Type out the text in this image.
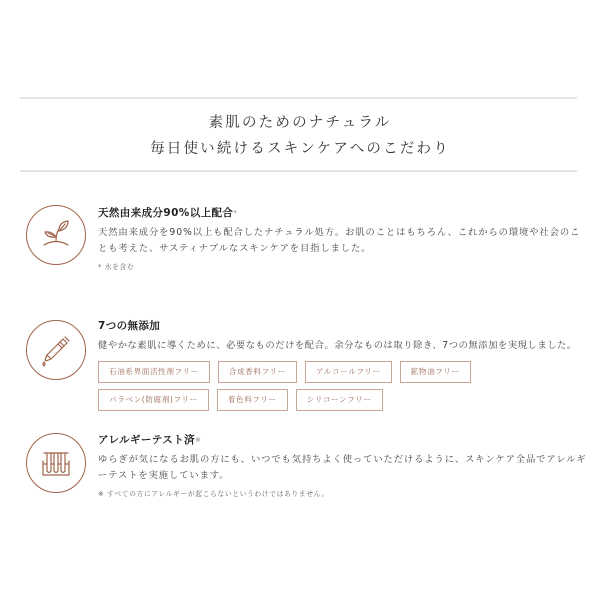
素肌のためのナチュラル
毎日使い続けるスキンケアへのこだわり
天然由来成分90%以上配合*
天然由来成分を90%以上も配合したナチュラル処方。お肌のことはもちろん、これからの環境や社会のことも考えた、サスティナブルなスキンケアを目指しました。
* 水を含む
7つの無添加
健やかな素肌に導くために、必要なものだけを配合。余分なものは取り除き、7つの無添加を実現しました。
石油系界面活性剤フリー	合成香料フリー	アルコールフリー	鉱物油フリー
パラベン(防腐剤)フリー	着色料フリー	シリコーンフリー
アレルギーテスト済※
ゆらぎが気になるお肌の方にも、いつでも気持ちよく使っていただけるように、スキンケア全品でアレルギーテストを実施しています。
※ すべての方にアレルギーが起こらないというわけではありません。
